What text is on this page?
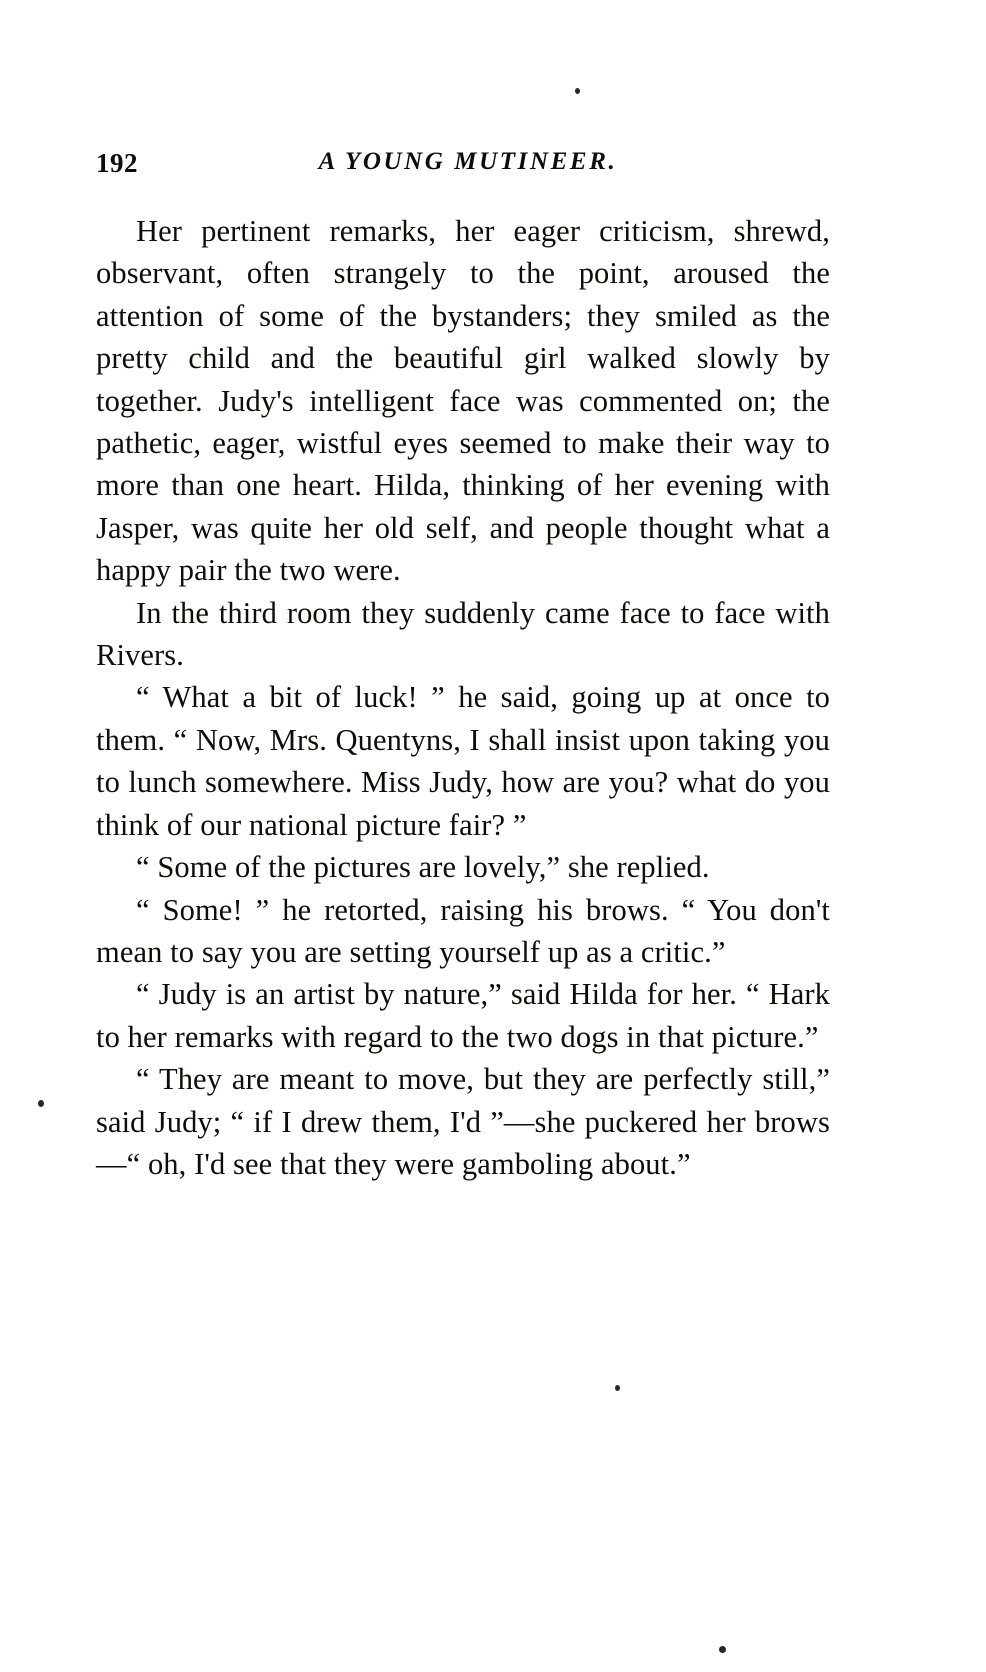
192	A YOUNG MUTINEER.

Her pertinent remarks, her eager criticism, shrewd, observant, often strangely to the point, aroused the attention of some of the bystanders; they smiled as the pretty child and the beautiful girl walked slowly by together. Judy's intelligent face was commented on; the pathetic, eager, wistful eyes seemed to make their way to more than one heart. Hilda, thinking of her evening with Jasper, was quite her old self, and people thought what a happy pair the two were.

In the third room they suddenly came face to face with Rivers.

“ What a bit of luck! ” he said, going up at once to them. “ Now, Mrs. Quentyns, I shall insist upon taking you to lunch somewhere. Miss Judy, how are you? what do you think of our national picture fair? ”

“ Some of the pictures are lovely,” she replied.

“ Some! ” he retorted, raising his brows. “ You don't mean to say you are setting yourself up as a critic.”

“ Judy is an artist by nature,” said Hilda for her. “ Hark to her remarks with regard to the two dogs in that picture.”

“ They are meant to move, but they are perfectly still,” said Judy; “ if I drew them, I'd ”—she puckered her brows—“ oh, I'd see that they were gamboling about.”
